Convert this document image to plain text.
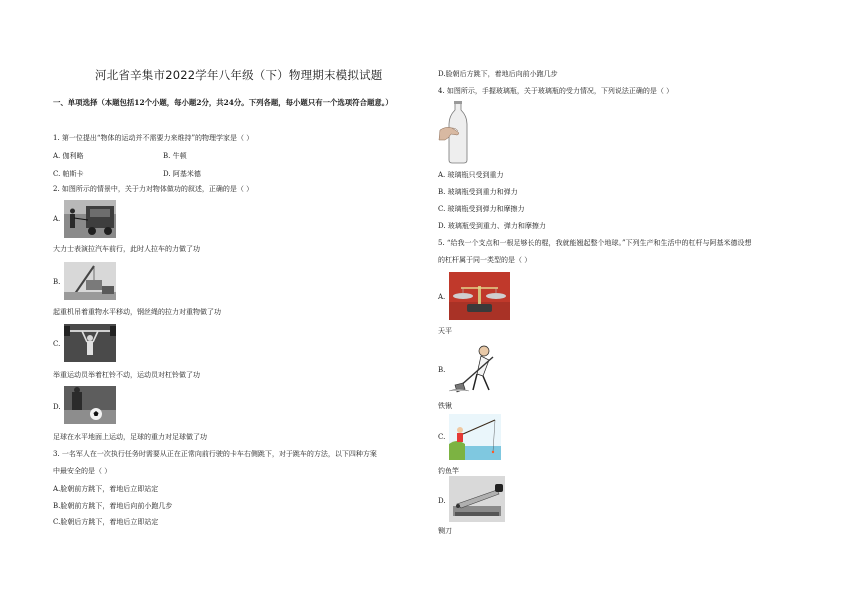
河北省辛集市2022学年八年级（下）物理期末模拟试题
一、单项选择（本题包括12个小题，每小题2分，共24分。下列各题，每小题只有一个选项符合题意。）
1. 第一位提出“物体的运动并不需要力来维持”的物理学家是（ ）
A. 伽利略	B. 牛顿
C. 帕斯卡	D. 阿基米德
2. 如图所示的情景中，关于力对物体做功的叙述，正确的是（ ）
A.
大力士表演拉汽车前行，此时人拉车的力做了功
B.
起重机吊着重物水平移动，钢丝绳的拉力对重物做了功
C.
举重运动员举着杠铃不动，运动员对杠铃做了功
D.
足球在水平地面上运动，足球的重力对足球做了功
3. 一名军人在一次执行任务时需要从正在正常向前行驶的卡车右侧跳下，对于跳车的方法，以下四种方案
中最安全的是（ ）
A.脸朝前方跳下，着地后立即站定
B.脸朝前方跳下，着地后向前小跑几步
C.脸朝后方跳下，着地后立即站定
D.脸朝后方跳下，着地后向前小跑几步
4. 如图所示，手握玻璃瓶，关于玻璃瓶的受力情况，下列说法正确的是（ ）
A. 玻璃瓶只受到重力
B. 玻璃瓶受到重力和弹力
C. 玻璃瓶受到弹力和摩擦力
D. 玻璃瓶受到重力、弹力和摩擦力
5. “给我一个支点和一根足够长的棍，我就能翘起整个地球。”下列生产和生活中的杠杆与阿基米德设想
的杠杆属于同一类型的是（ ）
A.
天平
B.
铁锹
C.
钓鱼竿
D.
铡刀
